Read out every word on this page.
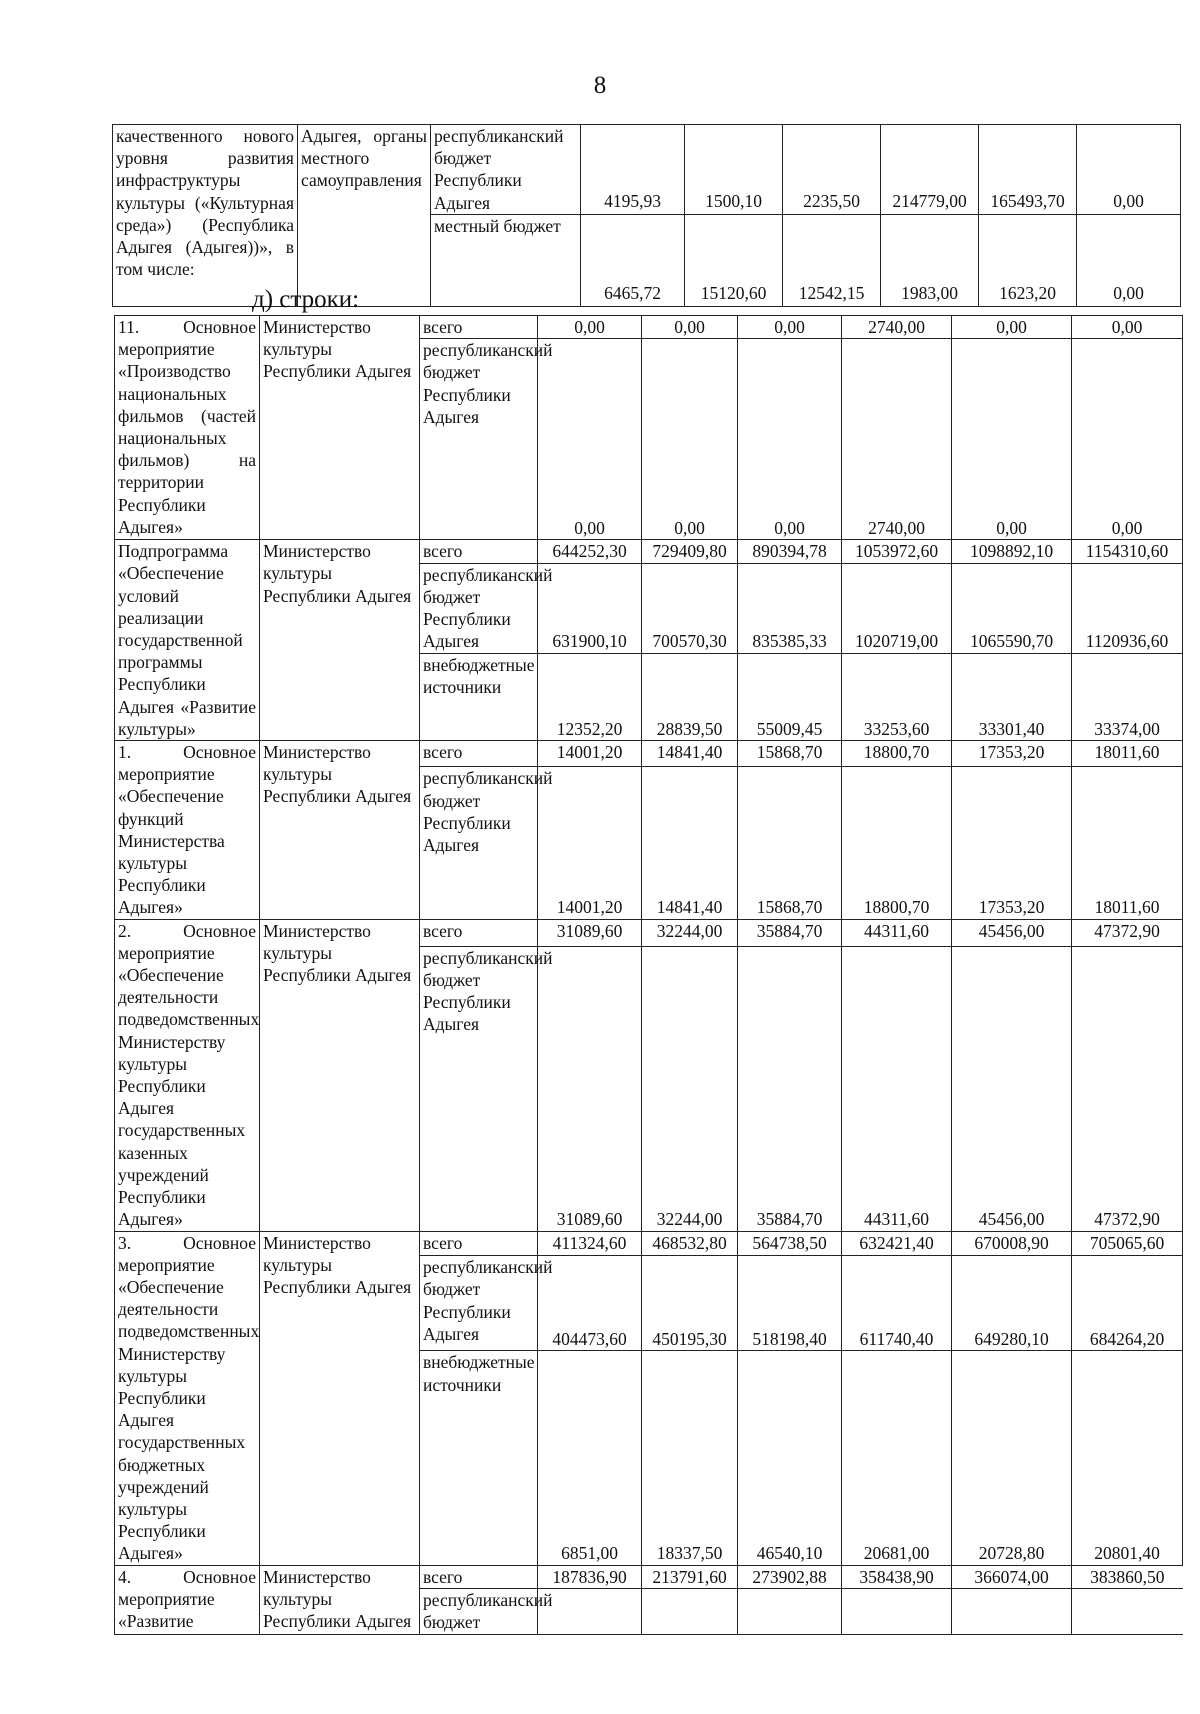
8
качественного нового уровня развития инфраструктуры культуры («Культурная среда») (Республика Адыгея (Адыгея))», в том числе:	Адыгея, органы местного самоуправления	республиканский бюджет Республики Адыгея	4195,93	1500,10	2235,50	214779,00	165493,70	0,00
		местный бюджет	6465,72	15120,60	12542,15	1983,00	1623,20	0,00
д) строки:
11. Основное мероприятие «Производство национальных фильмов (частей национальных фильмов) на территории Республики Адыгея»	Министерство культуры Республики Адыгея	всего	0,00	0,00	0,00	2740,00	0,00	0,00
		республиканский бюджет Республики Адыгея	0,00	0,00	0,00	2740,00	0,00	0,00
Подпрограмма «Обеспечение условий реализации государственной программы Республики Адыгея «Развитие культуры»	Министерство культуры Республики Адыгея	всего	644252,30	729409,80	890394,78	1053972,60	1098892,10	1154310,60
		республиканский бюджет Республики Адыгея	631900,10	700570,30	835385,33	1020719,00	1065590,70	1120936,60
		внебюджетные источники	12352,20	28839,50	55009,45	33253,60	33301,40	33374,00
1. Основное мероприятие «Обеспечение функций Министерства культуры Республики Адыгея»	Министерство культуры Республики Адыгея	всего	14001,20	14841,40	15868,70	18800,70	17353,20	18011,60
		республиканский бюджет Республики Адыгея	14001,20	14841,40	15868,70	18800,70	17353,20	18011,60
2. Основное мероприятие «Обеспечение деятельности подведомственных Министерству культуры Республики Адыгея государственных казенных учреждений Республики Адыгея»	Министерство культуры Республики Адыгея	всего	31089,60	32244,00	35884,70	44311,60	45456,00	47372,90
		республиканский бюджет Республики Адыгея	31089,60	32244,00	35884,70	44311,60	45456,00	47372,90
3. Основное мероприятие «Обеспечение деятельности подведомственных Министерству культуры Республики Адыгея государственных бюджетных учреждений культуры Республики Адыгея»	Министерство культуры Республики Адыгея	всего	411324,60	468532,80	564738,50	632421,40	670008,90	705065,60
		республиканский бюджет Республики Адыгея	404473,60	450195,30	518198,40	611740,40	649280,10	684264,20
		внебюджетные источники	6851,00	18337,50	46540,10	20681,00	20728,80	20801,40
4. Основное мероприятие «Развитие	Министерство культуры Республики Адыгея	всего	187836,90	213791,60	273902,88	358438,90	366074,00	383860,50
		республиканский бюджет						
